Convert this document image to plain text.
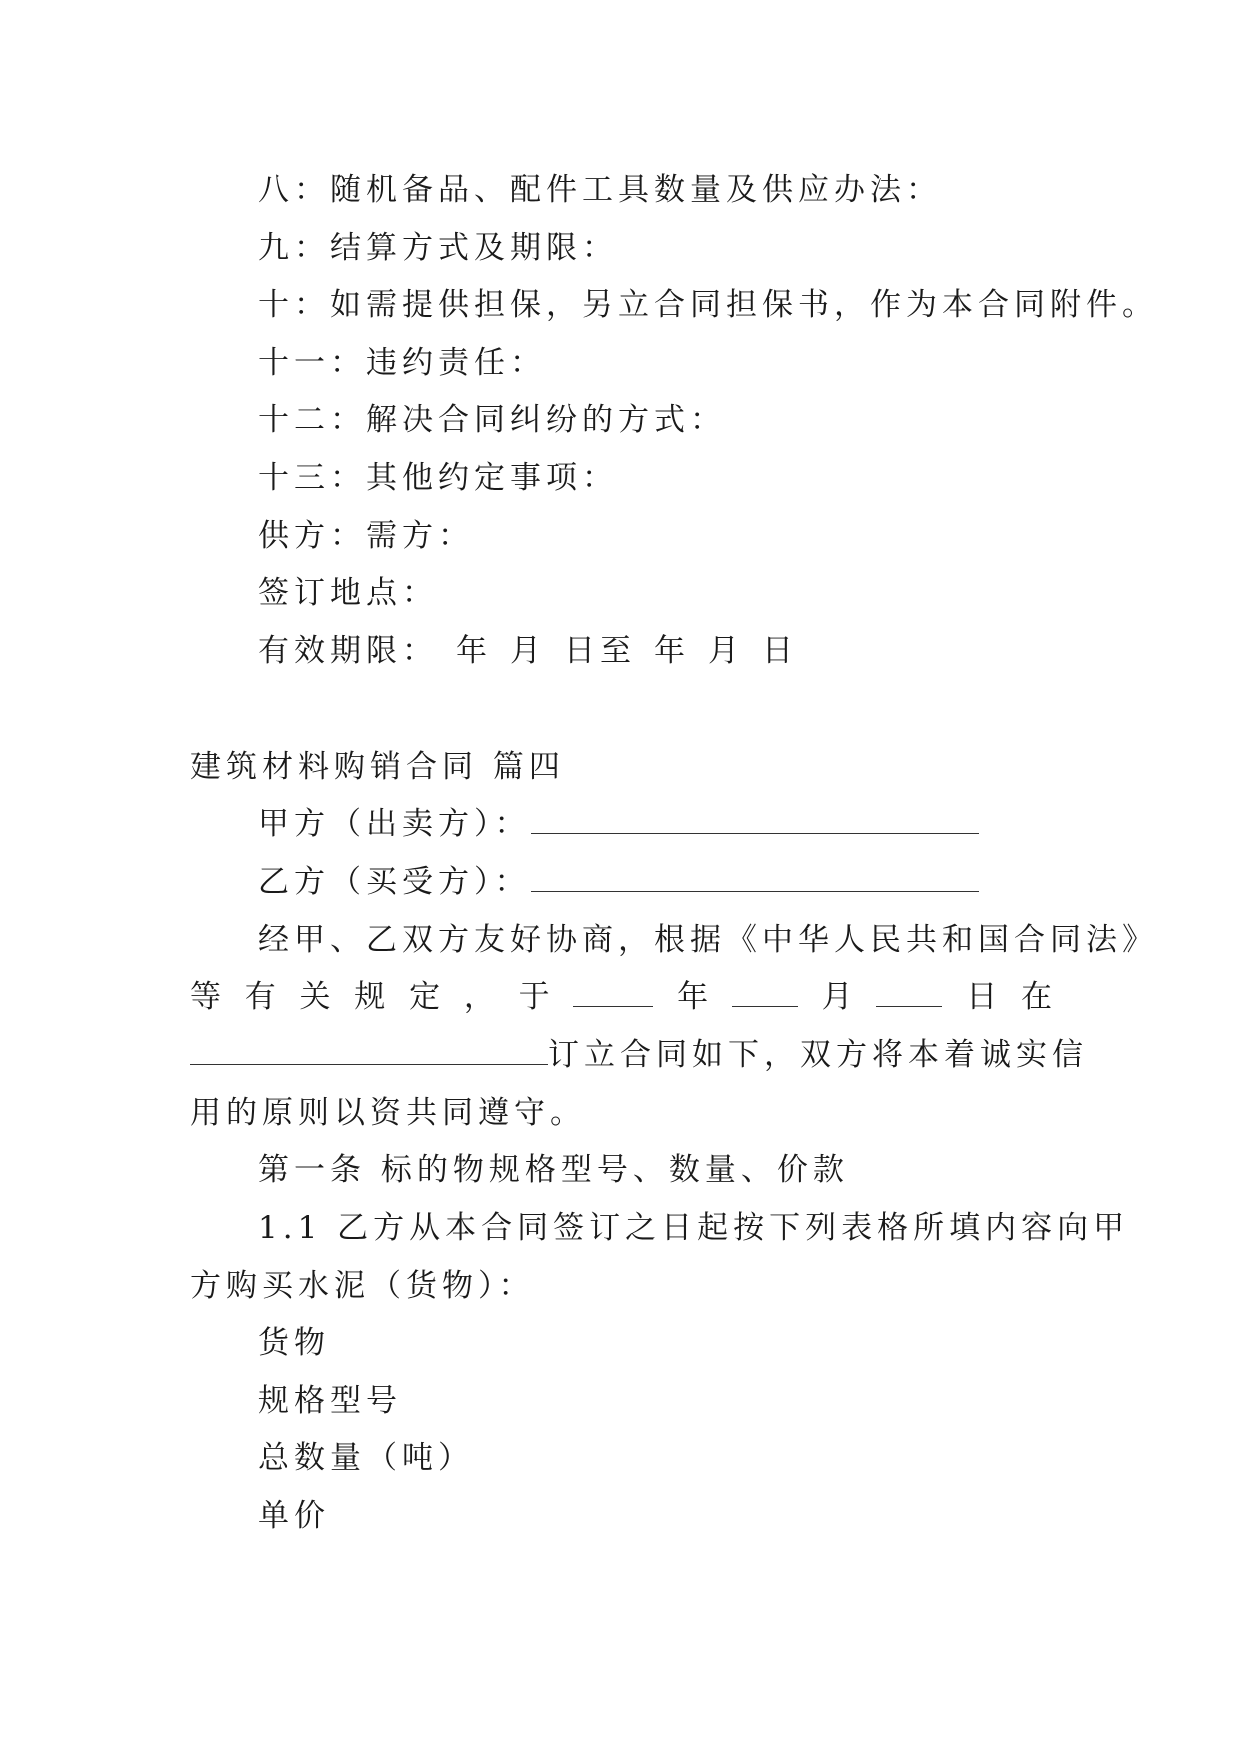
八：随机备品、配件工具数量及供应办法：
九：结算方式及期限：
十：如需提供担保，另立合同担保书，作为本合同附件。
十一：违约责任：
十二：解决合同纠纷的方式：
十三：其他约定事项：
供方：需方：
签订地点：
有效期限： 年 月 日至 年 月 日
建筑材料购销合同 篇四
甲方（出卖方）：
乙方（买受方）：
经甲、乙双方友好协商，根据《中华人民共和国合同法》
等 有 关 规 定 ， 于	年	月	日 在
订立合同如下，双方将本着诚实信
用的原则以资共同遵守。
第一条 标的物规格型号、数量、价款
1.1 乙方从本合同签订之日起按下列表格所填内容向甲
方购买水泥（货物）：
货物
规格型号
总数量（吨）
单价
